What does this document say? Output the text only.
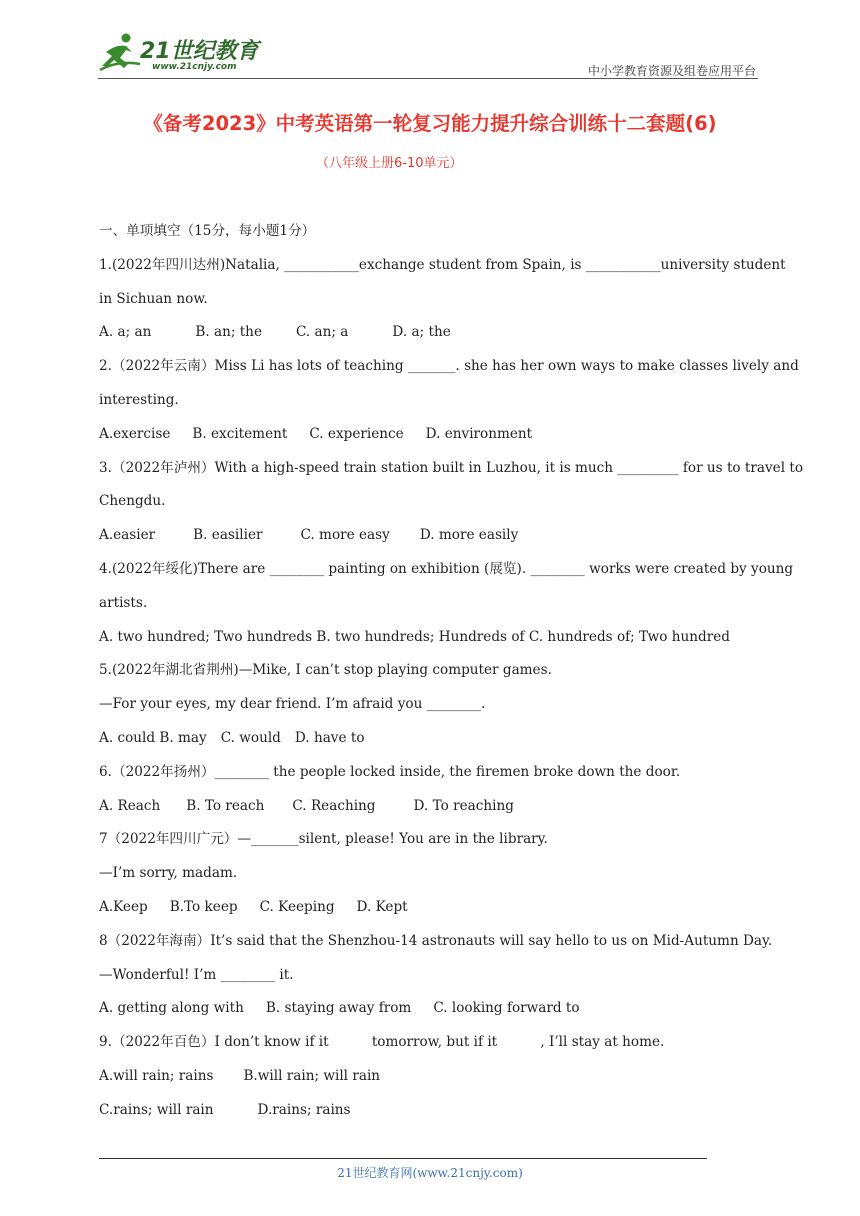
21世纪教育
www.21cnjy.com	中小学教育资源及组卷应用平台
《备考2023》中考英语第一轮复习能力提升综合训练十二套题(6)
（八年级上册6-10单元）
一、单项填空（15分，每小题1分）
1.(2022年四川达州)Natalia, ___________exchange student from Spain, is ___________university student
in Sichuan now.
A. a; an	B. an; the	C. an; a	D. a; the
2.（2022年云南）Miss Li has lots of teaching _______. she has her own ways to make classes lively and
interesting.
A.exercise B. excitement C. experience D. environment
3.（2022年泸州）With a high-speed train station built in Luzhou, it is much _________ for us to travel to
Chengdu.
A.easier	B. easilier	C. more easy D. more easily
4.(2022年绥化)There are ________ painting on exhibition (展览). ________ works were created by young
artists.
A. two hundred; Two hundreds B. two hundreds; Hundreds of C. hundreds of; Two hundred
5.(2022年湖北省荆州)—Mike, I can’t stop playing computer games.
—For your eyes, my dear friend. I’m afraid you ________.
A. could B. may C. would D. have to
6.（2022年扬州）________ the people locked inside, the firemen broke down the door.
A. Reach B. To reach C. Reaching	D. To reaching
7（2022年四川广元）—_______silent, please! You are in the library.
—I’m sorry, madam.
A.Keep B.To keep C. Keeping D. Kept
8（2022年海南）It’s said that the Shenzhou-14 astronauts will say hello to us on Mid-Autumn Day.
—Wonderful! I’m ________ it.
A. getting along with B. staying away from C. looking forward to
9.（2022年百色）I don’t know if it          tomorrow, but if it          , I’ll stay at home.
A.will rain; rains B.will rain; will rain
C.rains; will rain	D.rains; rains
21世纪教育网(www.21cnjy.com)
